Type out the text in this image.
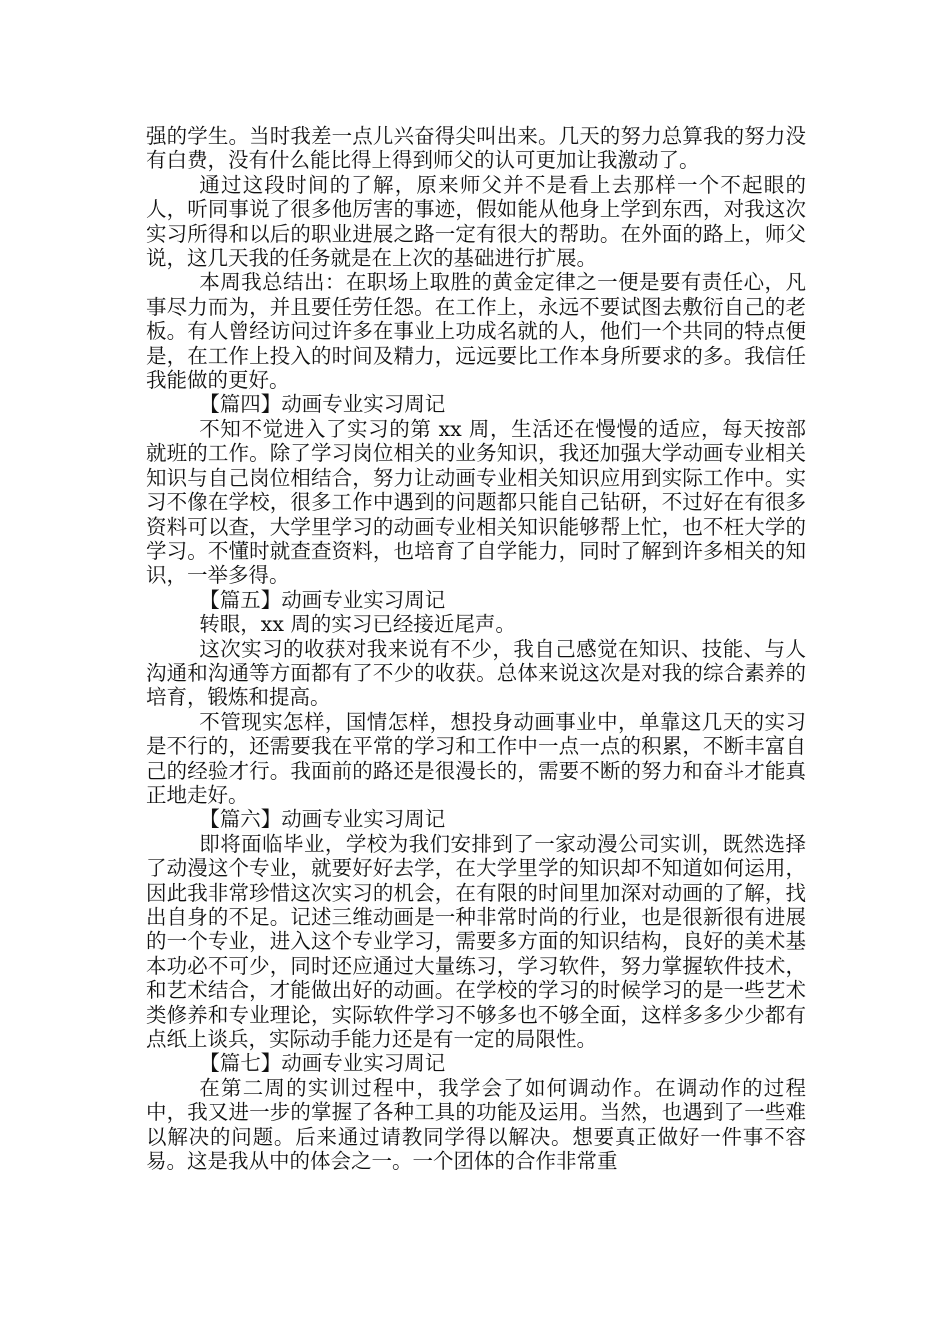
强的学生。当时我差一点儿兴奋得尖叫出来。几天的努力总算我的努力没有白费，没有什么能比得上得到师父的认可更加让我激动了。

通过这段时间的了解，原来师父并不是看上去那样一个不起眼的人，听同事说了很多他厉害的事迹，假如能从他身上学到东西，对我这次实习所得和以后的职业进展之路一定有很大的帮助。在外面的路上，师父说，这几天我的任务就是在上次的基础进行扩展。

本周我总结出：在职场上取胜的黄金定律之一便是要有责任心，凡事尽力而为，并且要任劳任怨。在工作上，永远不要试图去敷衍自己的老板。有人曾经访问过许多在事业上功成名就的人，他们一个共同的特点便是，在工作上投入的时间及精力，远远要比工作本身所要求的多。我信任我能做的更好。

【篇四】动画专业实习周记

不知不觉进入了实习的第 xx 周，生活还在慢慢的适应，每天按部就班的工作。除了学习岗位相关的业务知识，我还加强大学动画专业相关知识与自己岗位相结合，努力让动画专业相关知识应用到实际工作中。实习不像在学校，很多工作中遇到的问题都只能自己钻研，不过好在有很多资料可以查，大学里学习的动画专业相关知识能够帮上忙，也不枉大学的学习。不懂时就查查资料，也培育了自学能力，同时了解到许多相关的知识，一举多得。

【篇五】动画专业实习周记

转眼，xx 周的实习已经接近尾声。

这次实习的收获对我来说有不少，我自己感觉在知识、技能、与人沟通和沟通等方面都有了不少的收获。总体来说这次是对我的综合素养的培育，锻炼和提高。

不管现实怎样，国情怎样，想投身动画事业中，单靠这几天的实习是不行的，还需要我在平常的学习和工作中一点一点的积累，不断丰富自己的经验才行。我面前的路还是很漫长的，需要不断的努力和奋斗才能真正地走好。

【篇六】动画专业实习周记

即将面临毕业，学校为我们安排到了一家动漫公司实训，既然选择了动漫这个专业，就要好好去学，在大学里学的知识却不知道如何运用，因此我非常珍惜这次实习的机会，在有限的时间里加深对动画的了解，找出自身的不足。记述三维动画是一种非常时尚的行业，也是很新很有进展的一个专业，进入这个专业学习，需要多方面的知识结构，良好的美术基本功必不可少，同时还应通过大量练习，学习软件，努力掌握软件技术，和艺术结合，才能做出好的动画。在学校的学习的时候学习的是一些艺术类修养和专业理论，实际软件学习不够多也不够全面，这样多多少少都有点纸上谈兵，实际动手能力还是有一定的局限性。

【篇七】动画专业实习周记

在第二周的实训过程中，我学会了如何调动作。在调动作的过程中，我又进一步的掌握了各种工具的功能及运用。当然，也遇到了一些难以解决的问题。后来通过请教同学得以解决。想要真正做好一件事不容易。这是我从中的体会之一。一个团体的合作非常重
